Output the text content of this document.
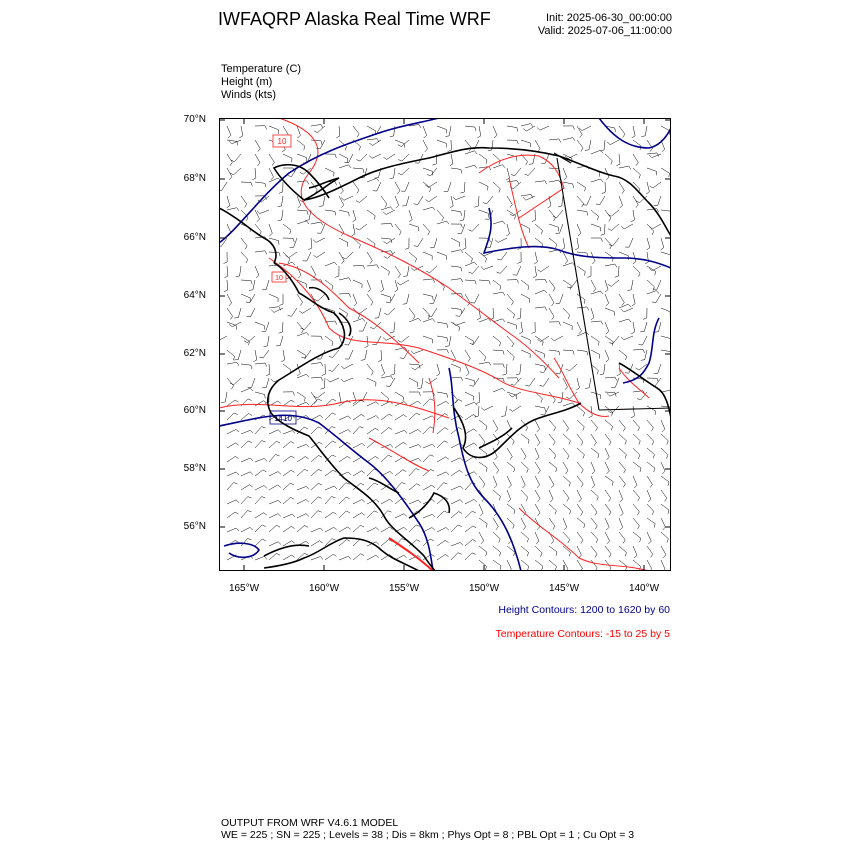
IWFAQRP Alaska Real Time WRF	Init: 2025-06-30_00:00:00
Valid: 2025-07-06_11:00:00
Temperature (C)
Height (m)
Winds (kts)
70°N
68°N
66°N
64°N
62°N
60°N
58°N
56°N
165°W	160°W	155°W	150°W	145°W	140°W
10
10
1410
Height Contours: 1200 to 1620 by 60
Temperature Contours: -15 to 25 by 5
OUTPUT FROM WRF V4.6.1 MODEL
WE = 225 ; SN = 225 ; Levels = 38 ; Dis = 8km ; Phys Opt = 8 ; PBL Opt = 1 ; Cu Opt = 3
